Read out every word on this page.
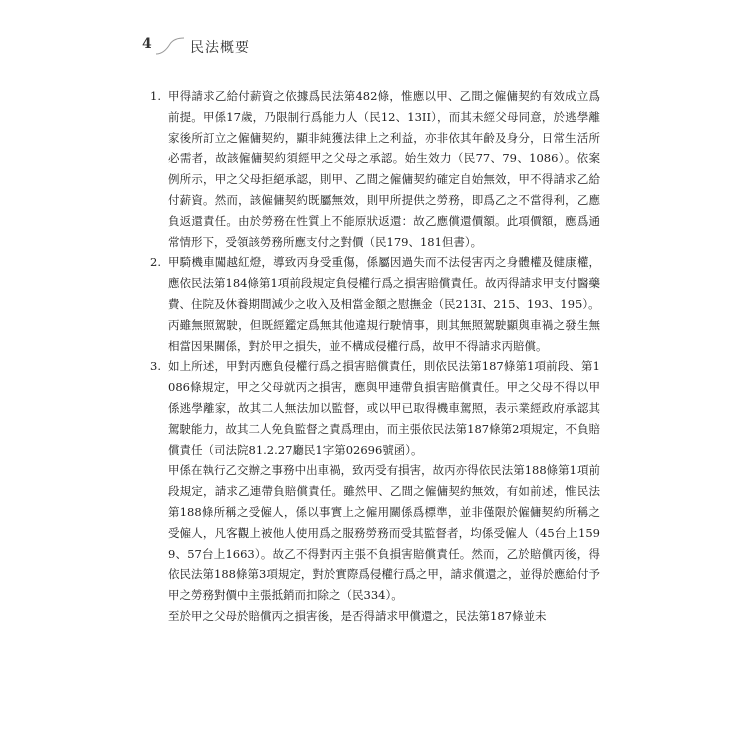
4	民法概要
1. 甲得請求乙給付薪資之依據爲民法第482條，惟應以甲、乙間之僱傭契約有效成立爲前提。甲係17歲，乃限制行爲能力人（民12、13II），而其未經父母同意，於逃學離家後所訂立之僱傭契約，顯非純獲法律上之利益，亦非依其年齡及身分，日常生活所必需者，故該僱傭契約須經甲之父母之承認。始生效力（民77、79、1086）。依案例所示，甲之父母拒絕承認，則甲、乙間之僱傭契約確定自始無效，甲不得請求乙給付薪資。然而，該僱傭契約既屬無效，則甲所提供之勞務，即爲乙之不當得利，乙應負返還責任。由於勞務在性質上不能原狀返還：故乙應償還價額。此項價額，應爲通常情形下，受領該勞務所應支付之對價（民179、181但書）。

2. 甲騎機車闖越紅燈，導致丙身受重傷，係屬因過失而不法侵害丙之身體權及健康權，應依民法第184條第1項前段規定負侵權行爲之損害賠償責任。故丙得請求甲支付醫藥費、住院及休養期間減少之收入及相當金額之慰撫金（民213I、215、193、195）。

丙雖無照駕駛，但既經鑑定爲無其他違規行駛情事，則其無照駕駛顯與車禍之發生無相當因果關係，對於甲之損失，並不構成侵權行爲，故甲不得請求丙賠償。

3. 如上所述，甲對丙應負侵權行爲之損害賠償責任，則依民法第187條第1項前段、第1086條規定，甲之父母就丙之損害，應與甲連帶負損害賠償責任。甲之父母不得以甲係逃學離家，故其二人無法加以監督，或以甲已取得機車駕照，表示業經政府承認其駕駛能力，故其二人免負監督之責爲理由，而主張依民法第187條第2項規定，不負賠償責任（司法院81.2.27廳民1字第02696號函）。

甲係在執行乙交辦之事務中出車禍，致丙受有損害，故丙亦得依民法第188條第1項前段規定，請求乙連帶負賠償責任。雖然甲、乙間之僱傭契約無效，有如前述，惟民法第188條所稱之受僱人，係以事實上之僱用關係爲標準，並非僅限於僱傭契約所稱之受僱人，凡客觀上被他人使用爲之服務勞務而受其監督者，均係受僱人（45台上1599、57台上1663）。故乙不得對丙主張不負損害賠償責任。然而，乙於賠償丙後，得依民法第188條第3項規定，對於實際爲侵權行爲之甲，請求償還之，並得於應給付予甲之勞務對價中主張抵銷而扣除之（民334）。

至於甲之父母於賠償丙之損害後，是否得請求甲償還之，民法第187條並未
